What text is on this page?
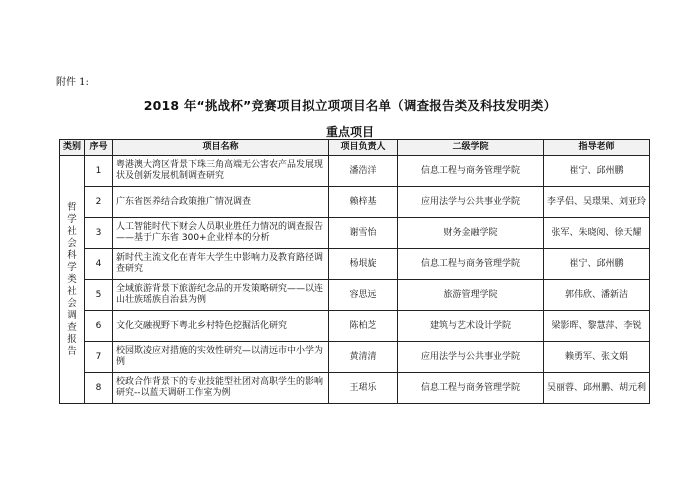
附件 1:
2018 年“挑战杯”竞赛项目拟立项项目名单（调查报告类及科技发明类）
重点项目
类别	序号	项目名称	项目负责人	二级学院	指导老师
哲学社会科学类社会调查报告	1	粤港澳大湾区背景下珠三角高端无公害农产品发展现状及创新发展机制调查研究	潘浩洋	信息工程与商务管理学院	崔宁、邱州鹏
	2	广东省医养结合政策推广情况调查	赖梓基	应用法学与公共事业学院	李孚侣、吴璟果、刘亚玲
	3	人工智能时代下财会人员职业胜任力情况的调查报告——基于广东省 300+企业样本的分析	谢雪怡	财务金融学院	张军、朱晓阅、徐天耀
	4	新时代主流文化在青年大学生中影响力及教育路径调查研究	杨垠旋	信息工程与商务管理学院	崔宁、邱州鹏
	5	全域旅游背景下旅游纪念品的开发策略研究——以连山壮族瑶族自治县为例	容思远	旅游管理学院	郭伟欣、潘新洁
	6	文化交融视野下粤北乡村特色挖掘活化研究	陈柏芝	建筑与艺术设计学院	梁影晖、黎慧萍、李锐
	7	校园欺凌应对措施的实效性研究—以清远市中小学为例	黄清清	应用法学与公共事业学院	赖勇军、张文娟
	8	校政合作背景下的专业技能型社团对高职学生的影响研究--以蓝天调研工作室为例	王珺乐	信息工程与商务管理学院	吴丽蓉、邱州鹏、胡元利
